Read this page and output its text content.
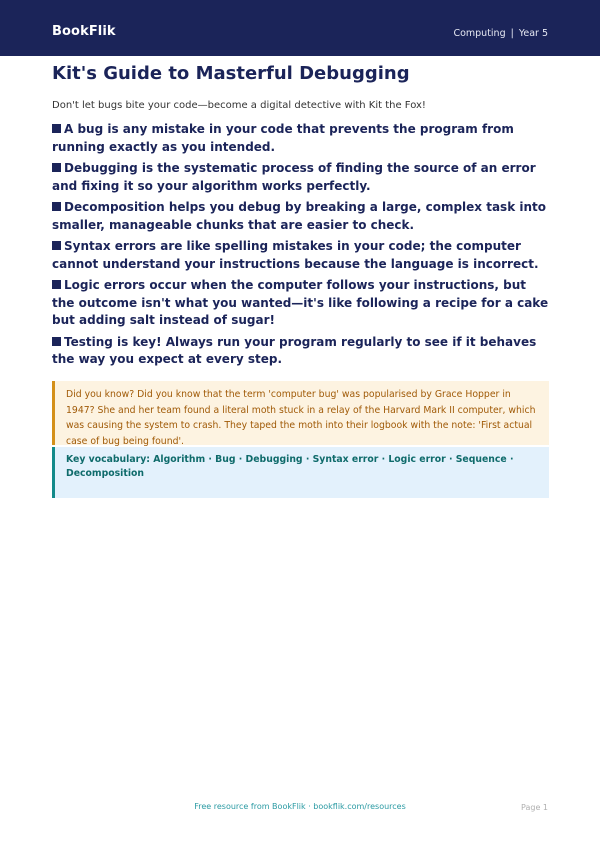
BookFlik	Computing | Year 5
Kit's Guide to Masterful Debugging

Don't let bugs bite your code—become a digital detective with Kit the Fox!

A bug is any mistake in your code that prevents the program from running exactly as you intended.
Debugging is the systematic process of finding the source of an error and fixing it so your algorithm works perfectly.
Decomposition helps you debug by breaking a large, complex task into smaller, manageable chunks that are easier to check.
Syntax errors are like spelling mistakes in your code; the computer cannot understand your instructions because the language is incorrect.
Logic errors occur when the computer follows your instructions, but the outcome isn't what you wanted—it's like following a recipe for a cake but adding salt instead of sugar!
Testing is key! Always run your program regularly to see if it behaves the way you expect at every step.
Did you know? Did you know that the term 'computer bug' was popularised by Grace Hopper in 1947? She and her team found a literal moth stuck in a relay of the Harvard Mark II computer, which was causing the system to crash. They taped the moth into their logbook with the note: 'First actual case of bug being found'.
Key vocabulary: Algorithm · Bug · Debugging · Syntax error · Logic error · Sequence · Decomposition
Free resource from BookFlik · bookflik.com/resources	Page 1
